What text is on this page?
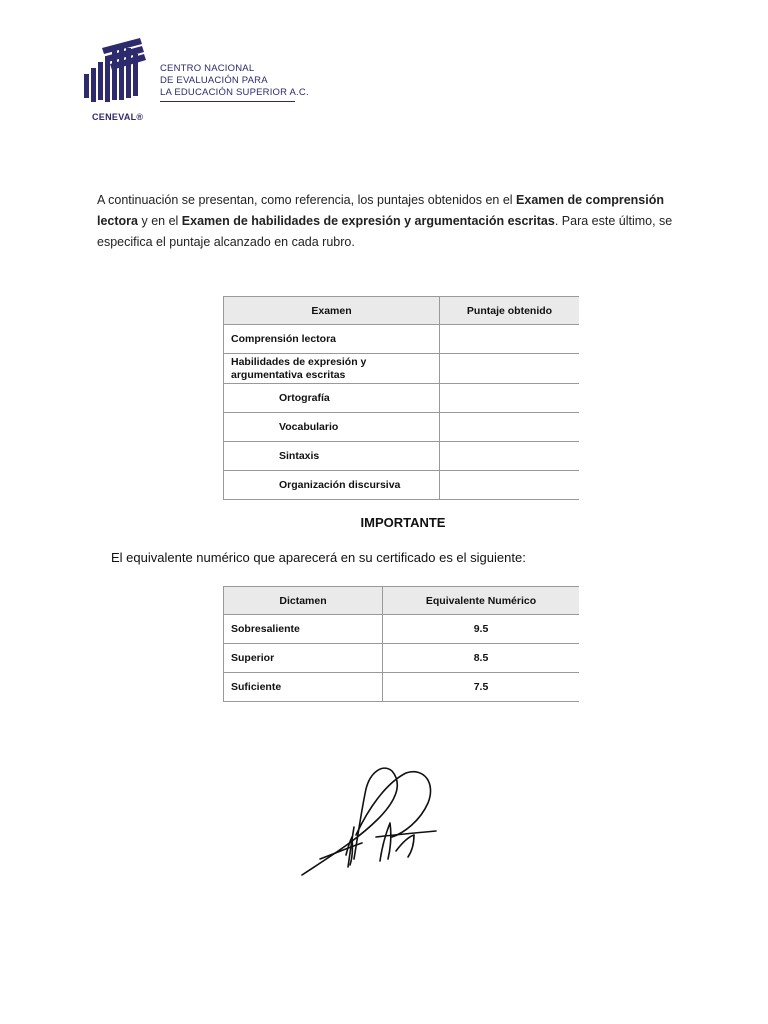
CENTRO NACIONAL
DE EVALUACIÓN PARA
LA EDUCACIÓN SUPERIOR A.C.
CENEVAL®
A continuación se presentan, como referencia, los puntajes obtenidos en el Examen de comprensión lectora y en el Examen de habilidades de expresión y argumentación escritas. Para este último, se especifica el puntaje alcanzado en cada rubro.
Examen	Puntaje obtenido
Comprensión lectora	
Habilidades de expresión y argumentativa escritas	
Ortografía	
Vocabulario	
Sintaxis	
Organización discursiva	
IMPORTANTE
El equivalente numérico que aparecerá en su certificado es el siguiente:
Dictamen	Equivalente Numérico
Sobresaliente	9.5
Superior	8.5
Suficiente	7.5
